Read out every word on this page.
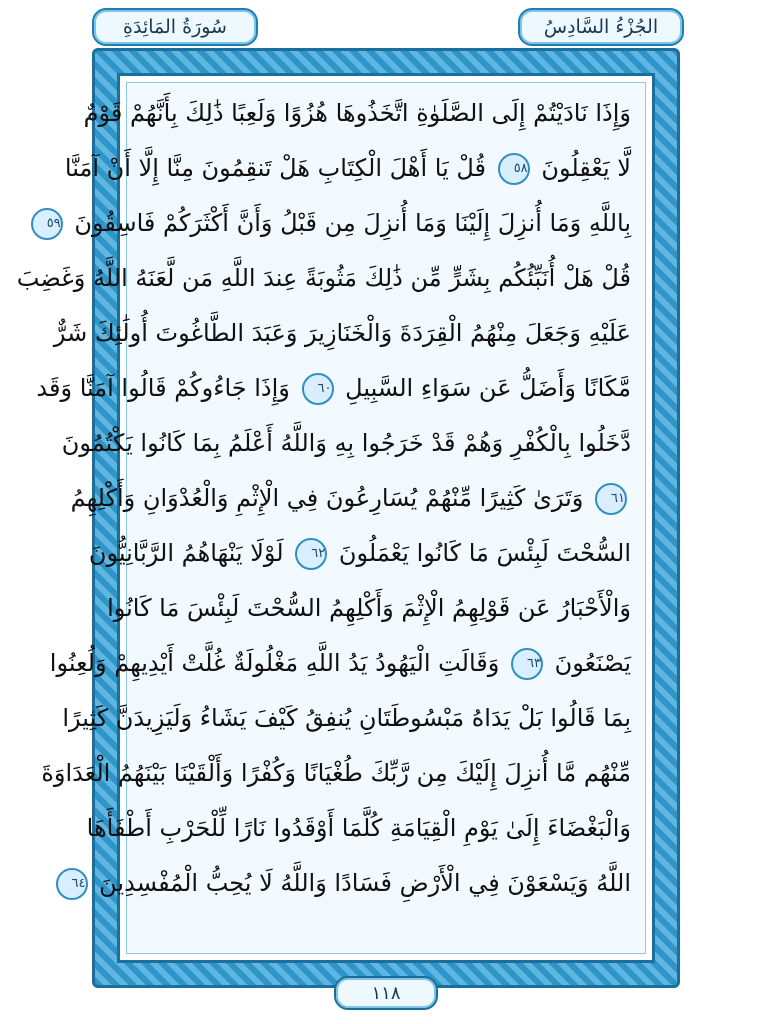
سُورَةُ المَائِدَةِ	الجُزْءُ السَّادِسُ
وَإِذَا نَادَيْتُمْ إِلَى الصَّلَوٰةِ اتَّخَذُوهَا هُزُوًا وَلَعِبًا ذَٰلِكَ بِأَنَّهُمْ قَوْمٌ
لَّا يَعْقِلُونَ ٥٨ قُلْ يَا أَهْلَ الْكِتَابِ هَلْ تَنقِمُونَ مِنَّا إِلَّا أَنْ آمَنَّا
بِاللَّهِ وَمَا أُنزِلَ إِلَيْنَا وَمَا أُنزِلَ مِن قَبْلُ وَأَنَّ أَكْثَرَكُمْ فَاسِقُونَ ٥٩
قُلْ هَلْ أُنَبِّئُكُم بِشَرٍّ مِّن ذَٰلِكَ مَثُوبَةً عِندَ اللَّهِ مَن لَّعَنَهُ اللَّهُ وَغَضِبَ
عَلَيْهِ وَجَعَلَ مِنْهُمُ الْقِرَدَةَ وَالْخَنَازِيرَ وَعَبَدَ الطَّاغُوتَ أُولَٰئِكَ شَرٌّ
مَّكَانًا وَأَضَلُّ عَن سَوَاءِ السَّبِيلِ ٦٠ وَإِذَا جَاءُوكُمْ قَالُوا آمَنَّا وَقَد
دَّخَلُوا بِالْكُفْرِ وَهُمْ قَدْ خَرَجُوا بِهِ وَاللَّهُ أَعْلَمُ بِمَا كَانُوا يَكْتُمُونَ
٦١ وَتَرَىٰ كَثِيرًا مِّنْهُمْ يُسَارِعُونَ فِي الْإِثْمِ وَالْعُدْوَانِ وَأَكْلِهِمُ
السُّحْتَ لَبِئْسَ مَا كَانُوا يَعْمَلُونَ ٦٢ لَوْلَا يَنْهَاهُمُ الرَّبَّانِيُّونَ
وَالْأَحْبَارُ عَن قَوْلِهِمُ الْإِثْمَ وَأَكْلِهِمُ السُّحْتَ لَبِئْسَ مَا كَانُوا
يَصْنَعُونَ ٦٣ وَقَالَتِ الْيَهُودُ يَدُ اللَّهِ مَغْلُولَةٌ غُلَّتْ أَيْدِيهِمْ وَلُعِنُوا
بِمَا قَالُوا بَلْ يَدَاهُ مَبْسُوطَتَانِ يُنفِقُ كَيْفَ يَشَاءُ وَلَيَزِيدَنَّ كَثِيرًا
مِّنْهُم مَّا أُنزِلَ إِلَيْكَ مِن رَّبِّكَ طُغْيَانًا وَكُفْرًا وَأَلْقَيْنَا بَيْنَهُمُ الْعَدَاوَةَ
وَالْبَغْضَاءَ إِلَىٰ يَوْمِ الْقِيَامَةِ كُلَّمَا أَوْقَدُوا نَارًا لِّلْحَرْبِ أَطْفَأَهَا
اللَّهُ وَيَسْعَوْنَ فِي الْأَرْضِ فَسَادًا وَاللَّهُ لَا يُحِبُّ الْمُفْسِدِينَ ٦٤
١١٨
